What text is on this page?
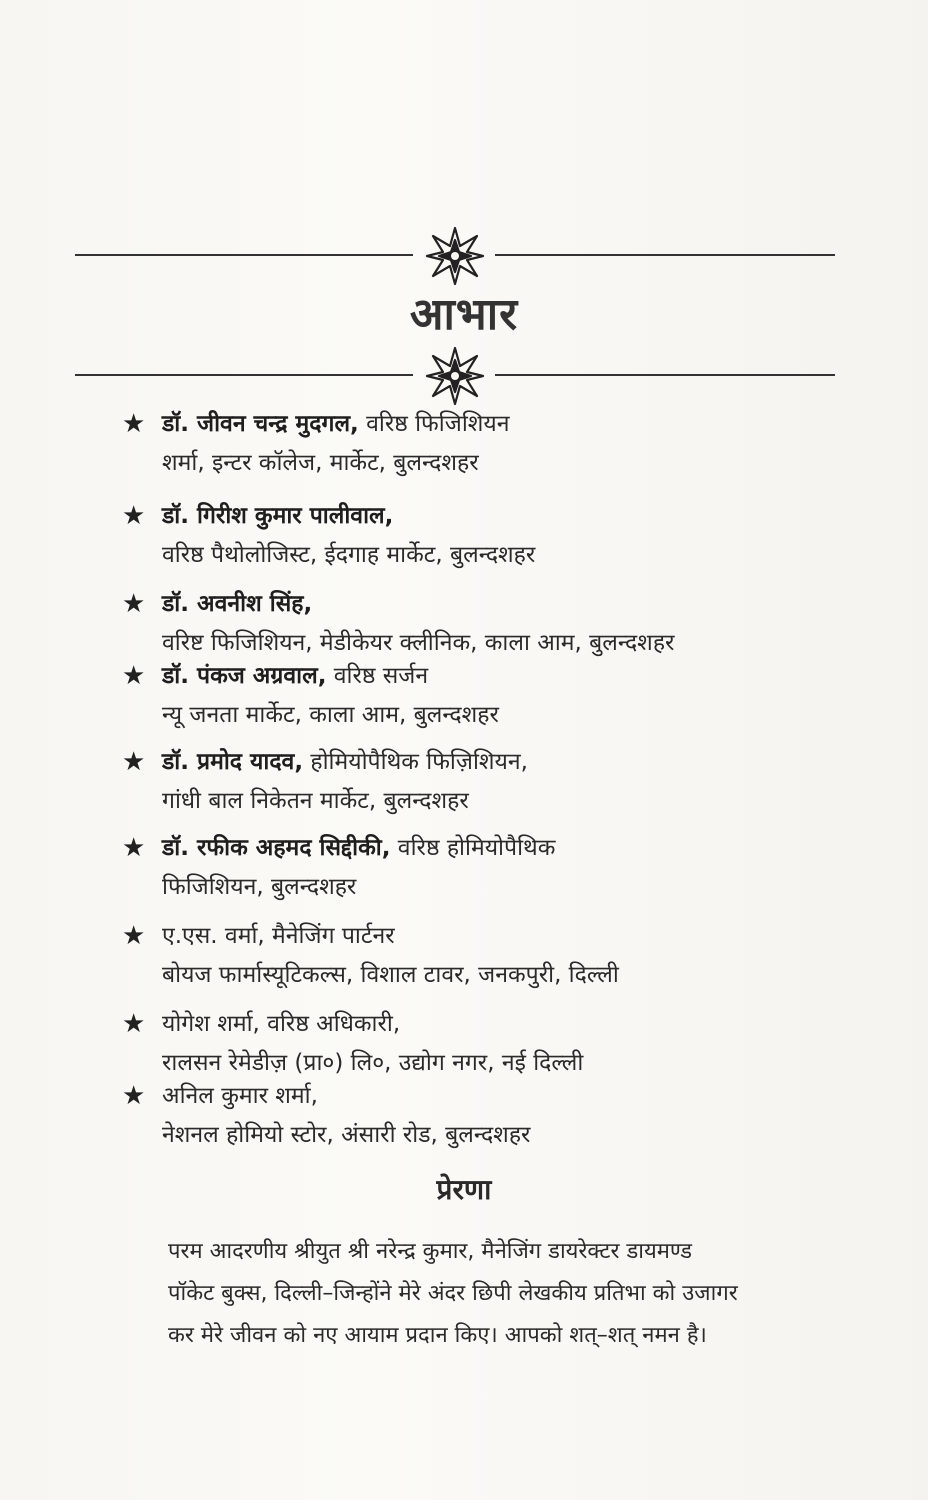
आभार
★ डॉ. जीवन चन्द्र मुदगल, वरिष्ठ फिजिशियन
शर्मा, इन्टर कॉलेज, मार्केट, बुलन्दशहर
★ डॉ. गिरीश कुमार पालीवाल,
वरिष्ठ पैथोलोजिस्ट, ईदगाह मार्केट, बुलन्दशहर
★ डॉ. अवनीश सिंह,
वरिष्ट फिजिशियन, मेडीकेयर क्लीनिक, काला आम, बुलन्दशहर
★ डॉ. पंकज अग्रवाल, वरिष्ठ सर्जन
न्यू जनता मार्केट, काला आम, बुलन्दशहर
★ डॉ. प्रमोद यादव, होमियोपैथिक फिज़िशियन,
गांधी बाल निकेतन मार्केट, बुलन्दशहर
★ डॉ. रफीक अहमद सिद्दीकी, वरिष्ठ होमियोपैथिक
फिजिशियन, बुलन्दशहर
★ ए.एस. वर्मा, मैनेजिंग पार्टनर
बोयज फार्मास्यूटिकल्स, विशाल टावर, जनकपुरी, दिल्ली
★ योगेश शर्मा, वरिष्ठ अधिकारी,
रालसन रेमेडीज़ (प्रा०) लि०, उद्योग नगर, नई दिल्ली
★ अनिल कुमार शर्मा,
नेशनल होमियो स्टोर, अंसारी रोड, बुलन्दशहर
प्रेरणा
परम आदरणीय श्रीयुत श्री नरेन्द्र कुमार, मैनेजिंग डायरेक्टर डायमण्ड
पॉकेट बुक्स, दिल्ली–जिन्होंने मेरे अंदर छिपी लेखकीय प्रतिभा को उजागर
कर मेरे जीवन को नए आयाम प्रदान किए। आपको शत्–शत् नमन है।
